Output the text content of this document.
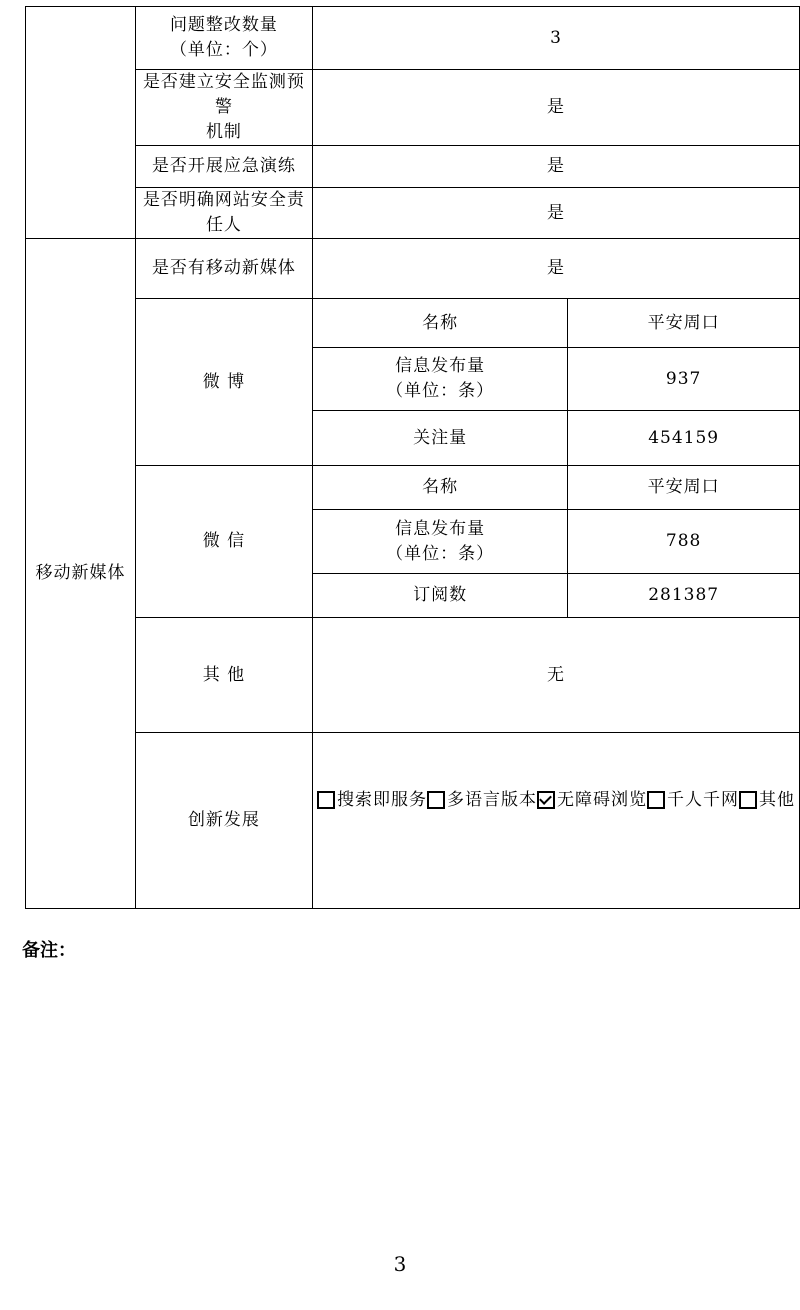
	问题整改数量
（单位：个）	3	

	是否建立安全监测预警
机制	是	
	是否开展应急演练	是	
	是否明确网站安全责任人	是	
移动新媒体	是否有移动新媒体	是	
	微 博	名称	平安周口

		信息发布量
（单位：条）	937
		关注量	454159
	微 信	名称	平安周口

		信息发布量
（单位：条）	788
		订阅数	281387
	其 他	无	
	创新发展	搜索即服务 多语言版本 无障碍浏览 千人千网 其他	
备注：
3
